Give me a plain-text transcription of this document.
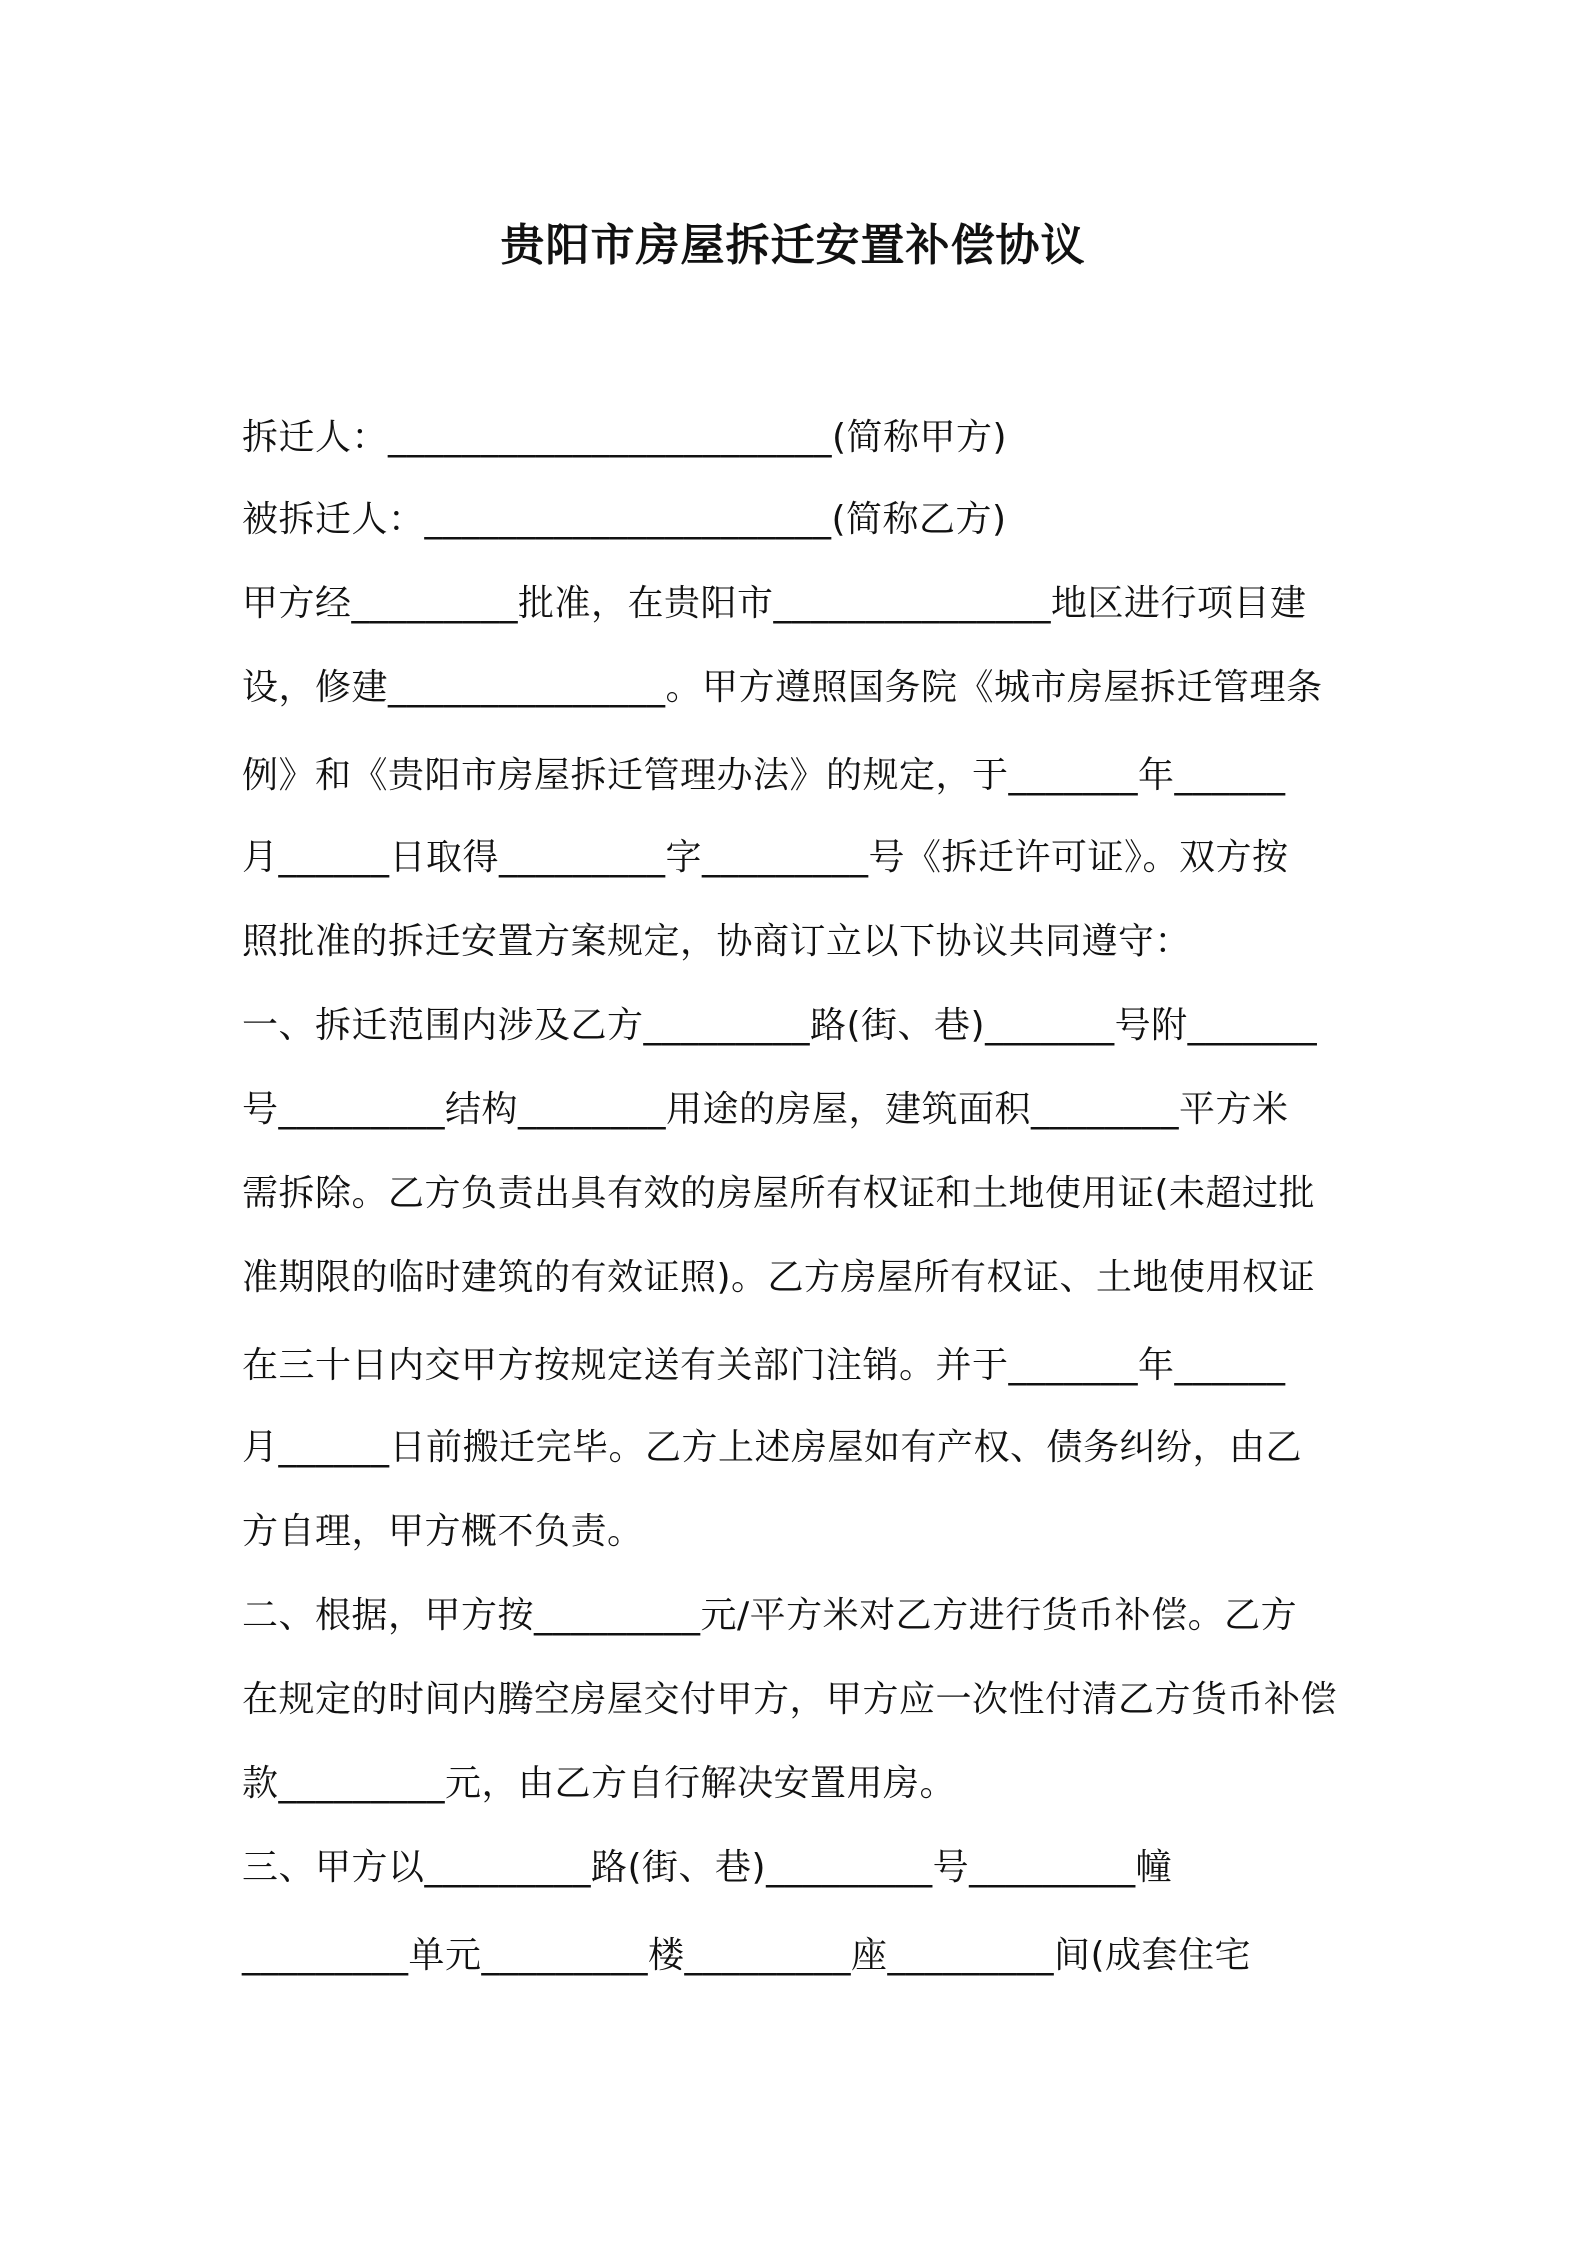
贵阳市房屋拆迁安置补偿协议

拆迁人：________________________(简称甲方)

被拆迁人：______________________(简称乙方)

甲方经_________批准，在贵阳市_______________地区进行项目建

设，修建_______________。甲方遵照国务院《城市房屋拆迁管理条

例》和《贵阳市房屋拆迁管理办法》的规定，于_______年______

月______日取得_________字_________号《拆迁许可证》。双方按

照批准的拆迁安置方案规定，协商订立以下协议共同遵守：

一、拆迁范围内涉及乙方_________路(街、巷)_______号附_______

号_________结构________用途的房屋，建筑面积________平方米

需拆除。乙方负责出具有效的房屋所有权证和土地使用证(未超过批

准期限的临时建筑的有效证照)。乙方房屋所有权证、土地使用权证

在三十日内交甲方按规定送有关部门注销。并于_______年______

月______日前搬迁完毕。乙方上述房屋如有产权、债务纠纷，由乙

方自理，甲方概不负责。

二、根据，甲方按_________元/平方米对乙方进行货币补偿。乙方

在规定的时间内腾空房屋交付甲方，甲方应一次性付清乙方货币补偿

款_________元，由乙方自行解决安置用房。

三、甲方以_________路(街、巷)_________号_________幢

_________单元_________楼_________座_________间(成套住宅
